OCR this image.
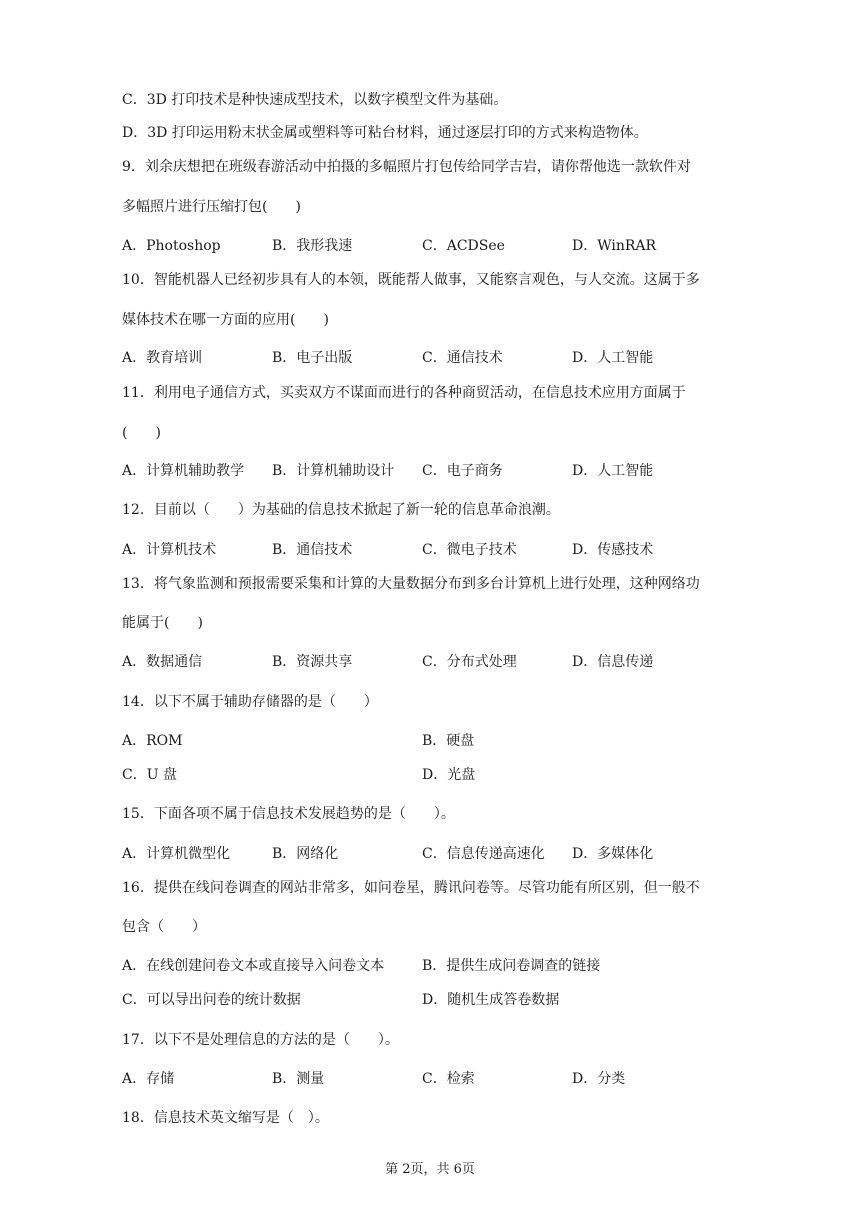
C．3D 打印技术是种快速成型技术，以数字模型文件为基础。
D．3D 打印运用粉末状金属或塑料等可粘台材料，通过逐层打印的方式来构造物体。
9．刘余庆想把在班级春游活动中拍摄的多幅照片打包传给同学吉岩，请你帮他选一款软件对
多幅照片进行压缩打包(　　)
A．Photoshop	B．我形我速	C．ACDSee	D．WinRAR
10．智能机器人已经初步具有人的本领，既能帮人做事，又能察言观色，与人交流。这属于多
媒体技术在哪一方面的应用(　　)
A．教育培训	B．电子出版	C．通信技术	D．人工智能
11．利用电子通信方式，买卖双方不谋面而进行的各种商贸活动，在信息技术应用方面属于
(　　)
A．计算机辅助教学 B．计算机辅助设计 C．电子商务	D．人工智能
12．目前以（　　）为基础的信息技术掀起了新一轮的信息革命浪潮。
A．计算机技术	B．通信技术	C．微电子技术	D．传感技术
13．将气象监测和预报需要采集和计算的大量数据分布到多台计算机上进行处理，这种网络功
能属于(　　)
A．数据通信	B．资源共享	C．分布式处理	D．信息传递
14．以下不属于辅助存储器的是（　　）
A．ROM	B．硬盘
C．U 盘	D．光盘
15．下面各项不属于信息技术发展趋势的是（　　）。
A．计算机微型化	B．网络化	C．信息传递高速化 D．多媒体化
16．提供在线问卷调查的网站非常多，如问卷星，腾讯问卷等。尽管功能有所区别，但一般不
包含（　　）
A．在线创建问卷文本或直接导入问卷文本	B．提供生成问卷调查的链接
C．可以导出问卷的统计数据	D．随机生成答卷数据
17．以下不是处理信息的方法的是（　　）。
A．存储	B．测量	C．检索	D．分类
18．信息技术英文缩写是（　）。
第 2页，共 6页
